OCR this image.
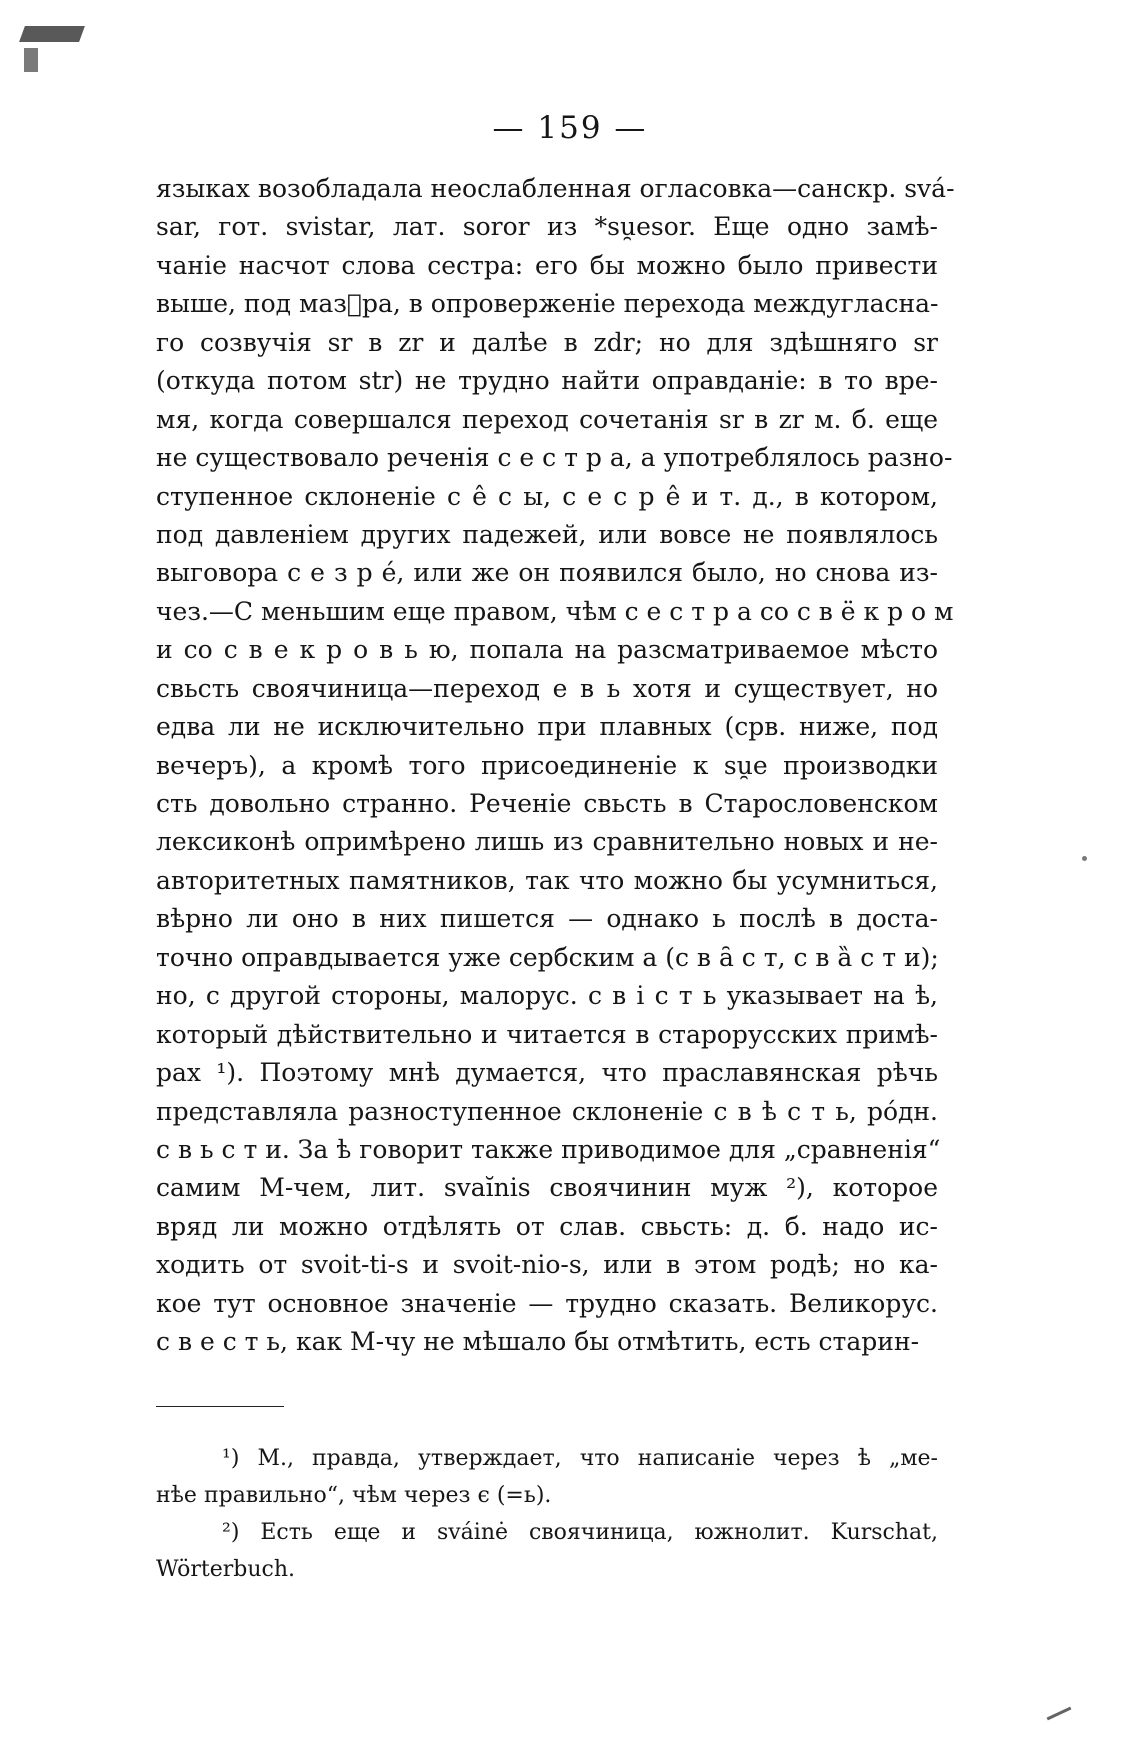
— 159 —
языках возобладала неослабленная огласовка—санскр. svá-
sar, гот. svistar, лат. soror из *su̯esor. Еще одно замѣ-
чаніе насчот слова сестра: его бы можно было привести
выше, под мазⷣра, в опроверженіе перехода междугласна-
го созвучія sr в zr и далѣе в zdr; но для здѣшняго sr
(откуда потом str) не трудно найти оправданіе: в то вре-
мя, когда совершался переход сочетанія sr в zr м. б. еще
не существовало реченія с е с т р а, а употреблялось разно-
ступенное склоненіе с е̂ с ы, с е с р е̂ и т. д., в котором,
под давленіем других падежей, или вовсе не появлялось
выговора с е з р е́, или же он появился было, но снова из-
чез.—С меньшим еще правом, чѣм с е с т р а со с в ё к р о м
и со с в е к р о в ь ю, попала на разсматриваемое мѣсто
свьсть своячиница—переход е в ь хотя и существует, но
едва ли не исключительно при плавных (срв. ниже, под
вечеръ), а кромѣ того присоединеніе к su̯e производки
сть довольно странно. Реченіе свьсть в Старословенском
лексиконѣ опримѣрено лишь из сравнительно новых и не-
авторитетных памятников, так что можно бы усумниться,
вѣрно ли оно в них пишется — однако ь послѣ в доста-
точно оправдывается уже сербским а (с в а̑ с т, с в а̏ с т и);
но, с другой стороны, малорус. с в і с т ь указывает на ѣ,
который дѣйствительно и читается в старорусских примѣ-
рах ¹). Поэтому мнѣ думается, что праславянская рѣчь
представляла разноступенное склоненіе с в ѣ с т ь, рóдн.
с в ь с т и. За ѣ говорит также приводимое для „сравненія“
самим М-чем, лит. svaĭnis своячинин муж ²), которое
вряд ли можно отдѣлять от слав. свьсть: д. б. надо ис-
ходить от svoit-ti-s и svoit-nio-s, или в этом родѣ; но ка-
кое тут основное значеніе — трудно сказать. Великорус.
с в е с т ь, как М-чу не мѣшало бы отмѣтить, есть старин-
¹) М., правда, утверждает, что написаніе через ѣ „ме-
нѣе правильно“, чѣм через є (=ь).
²) Есть еще и sváinė своячиница, южнолит. Kurschat,
Wörterbuch.
